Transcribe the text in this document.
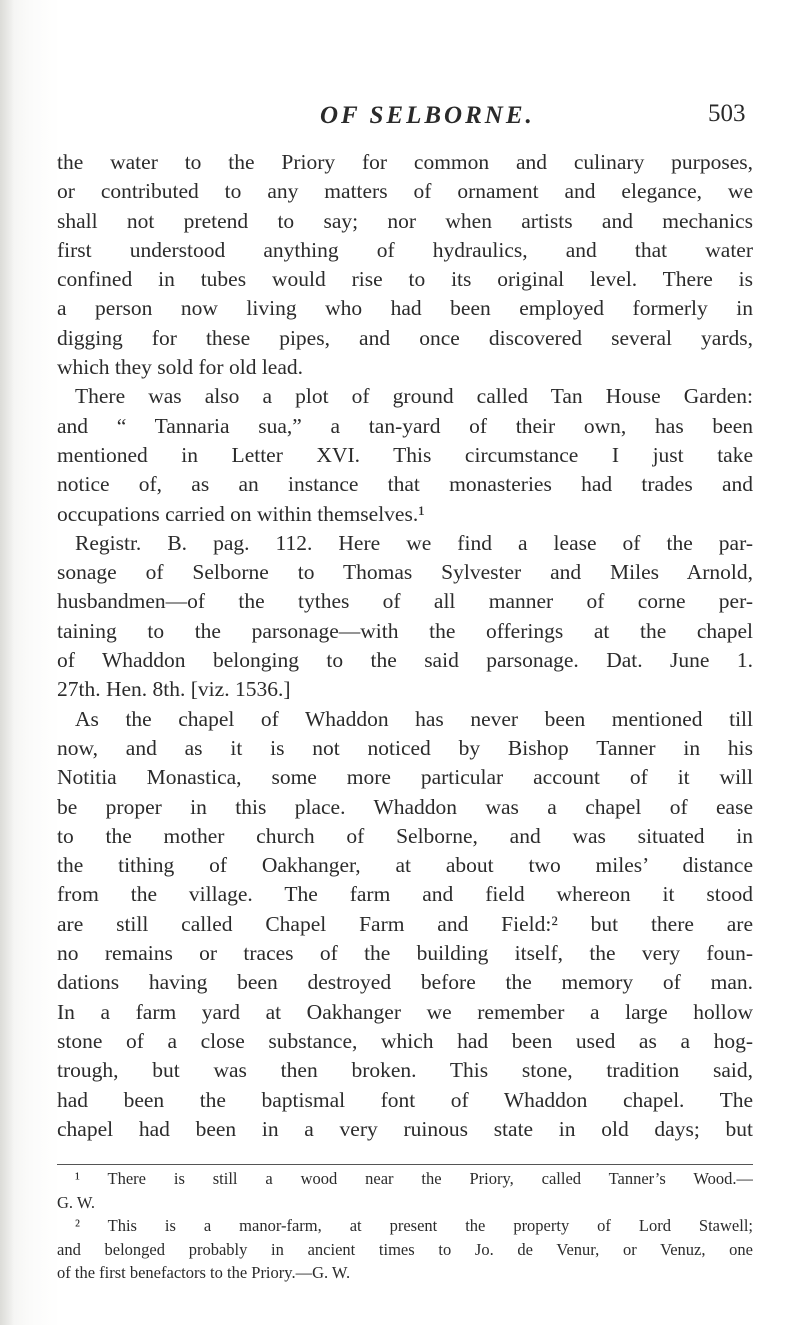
OF SELBORNE.	503
the water to the Priory for common and culinary purposes,
or contributed to any matters of ornament and elegance, we
shall not pretend to say; nor when artists and mechanics
first understood anything of hydraulics, and that water
confined in tubes would rise to its original level. There is
a person now living who had been employed formerly in
digging for these pipes, and once discovered several yards,
which they sold for old lead.
There was also a plot of ground called Tan House Garden:
and “ Tannaria sua,” a tan-yard of their own, has been
mentioned in Letter XVI. This circumstance I just take
notice of, as an instance that monasteries had trades and
occupations carried on within themselves.¹
Registr. B. pag. 112. Here we find a lease of the par-
sonage of Selborne to Thomas Sylvester and Miles Arnold,
husbandmen—of the tythes of all manner of corne per-
taining to the parsonage—with the offerings at the chapel
of Whaddon belonging to the said parsonage. Dat. June 1.
27th. Hen. 8th. [viz. 1536.]
As the chapel of Whaddon has never been mentioned till
now, and as it is not noticed by Bishop Tanner in his
Notitia Monastica, some more particular account of it will
be proper in this place. Whaddon was a chapel of ease
to the mother church of Selborne, and was situated in
the tithing of Oakhanger, at about two miles’ distance
from the village. The farm and field whereon it stood
are still called Chapel Farm and Field:² but there are
no remains or traces of the building itself, the very foun-
dations having been destroyed before the memory of man.
In a farm yard at Oakhanger we remember a large hollow
stone of a close substance, which had been used as a hog-
trough, but was then broken. This stone, tradition said,
had been the baptismal font of Whaddon chapel. The
chapel had been in a very ruinous state in old days; but
¹ There is still a wood near the Priory, called Tanner’s Wood.—
G. W.
² This is a manor-farm, at present the property of Lord Stawell;
and belonged probably in ancient times to Jo. de Venur, or Venuz, one
of the first benefactors to the Priory.—G. W.
